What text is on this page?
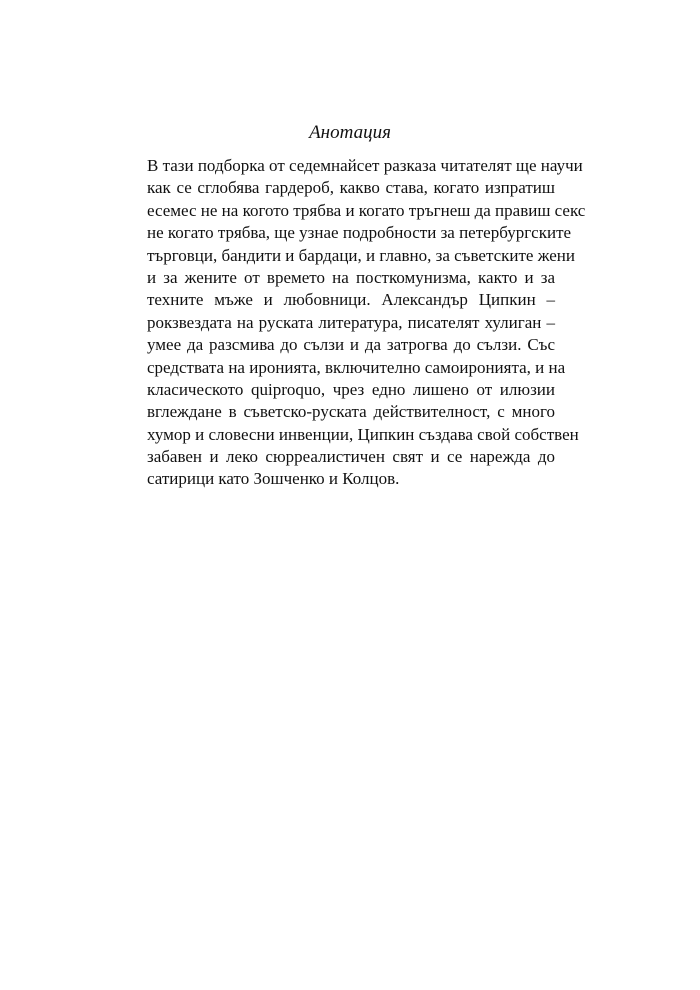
Анотация
В тази подборка от седемнайсет разказа читателят ще научи
как се сглобява гардероб, какво става, когато изпратиш
есемес не на когото трябва и когато тръгнеш да правиш секс
не когато трябва, ще узнае подробности за петербургските
търговци, бандити и бардаци, и главно, за съветските жени
и за жените от времето на посткомунизма, както и за
техните мъже и любовници. Александър Ципкин –
рокзвездата на руската литература, писателят хулиган –
умее да разсмива до сълзи и да затрогва до сълзи. Със
средствата на иронията, включително самоиронията, и на
класическото quiproquo, чрез едно лишено от илюзии
вглеждане в съветско-руската действителност, с много
хумор и словесни инвенции, Ципкин създава свой собствен
забавен и леко сюрреалистичен свят и се нарежда до
сатирици като Зошченко и Колцов.
